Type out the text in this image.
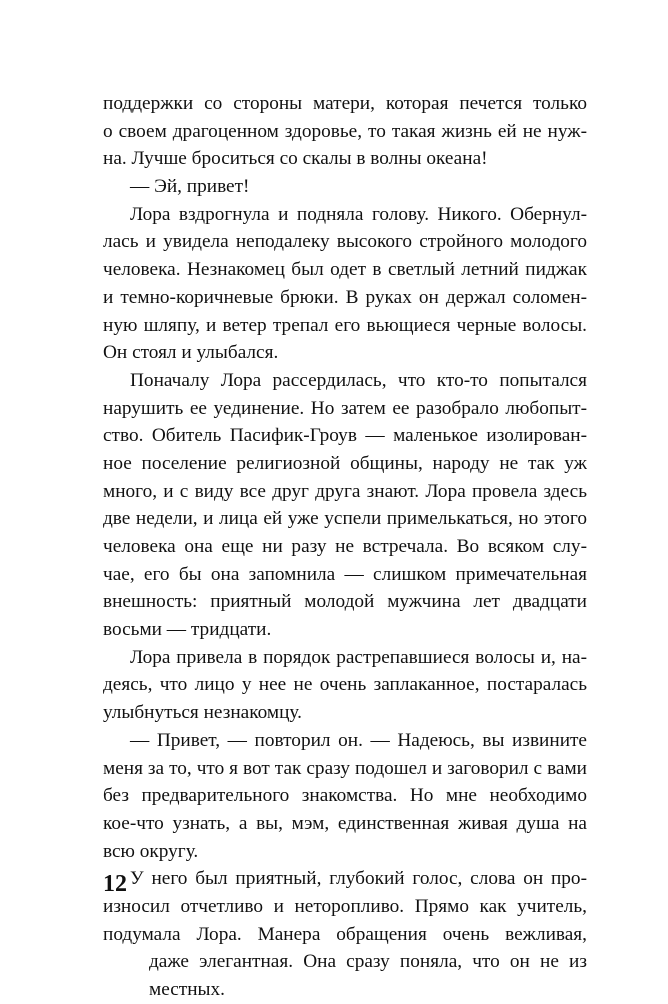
поддержки со стороны матери, которая печется только
о своем драгоценном здоровье, то такая жизнь ей не нуж-
на. Лучше броситься со скалы в волны океана!
— Эй, привет!
Лора вздрогнула и подняла голову. Никого. Обернул-
лась и увидела неподалеку высокого стройного молодого
человека. Незнакомец был одет в светлый летний пиджак
и темно-коричневые брюки. В руках он держал соломен-
ную шляпу, и ветер трепал его вьющиеся черные волосы.
Он стоял и улыбался.
Поначалу Лора рассердилась, что кто-то попытался
нарушить ее уединение. Но затем ее разобрало любопыт-
ство. Обитель Пасифик-Гроув — маленькое изолирован-
ное поселение религиозной общины, народу не так уж
много, и с виду все друг друга знают. Лора провела здесь
две недели, и лица ей уже успели примелькаться, но этого
человека она еще ни разу не встречала. Во всяком слу-
чае, его бы она запомнила — слишком примечательная
внешность: приятный молодой мужчина лет двадцати
восьми — тридцати.
Лора привела в порядок растрепавшиеся волосы и, на-
деясь, что лицо у нее не очень заплаканное, постаралась
улыбнуться незнакомцу.
— Привет, — повторил он. — Надеюсь, вы извините
меня за то, что я вот так сразу подошел и заговорил с вами
без предварительного знакомства. Но мне необходимо
кое-что узнать, а вы, мэм, единственная живая душа на
всю округу.
У него был приятный, глубокий голос, слова он про-
износил отчетливо и неторопливо. Прямо как учитель,
подумала Лора. Манера обращения очень вежливая,
даже элегантная. Она сразу поняла, что он не из
местных.
12
